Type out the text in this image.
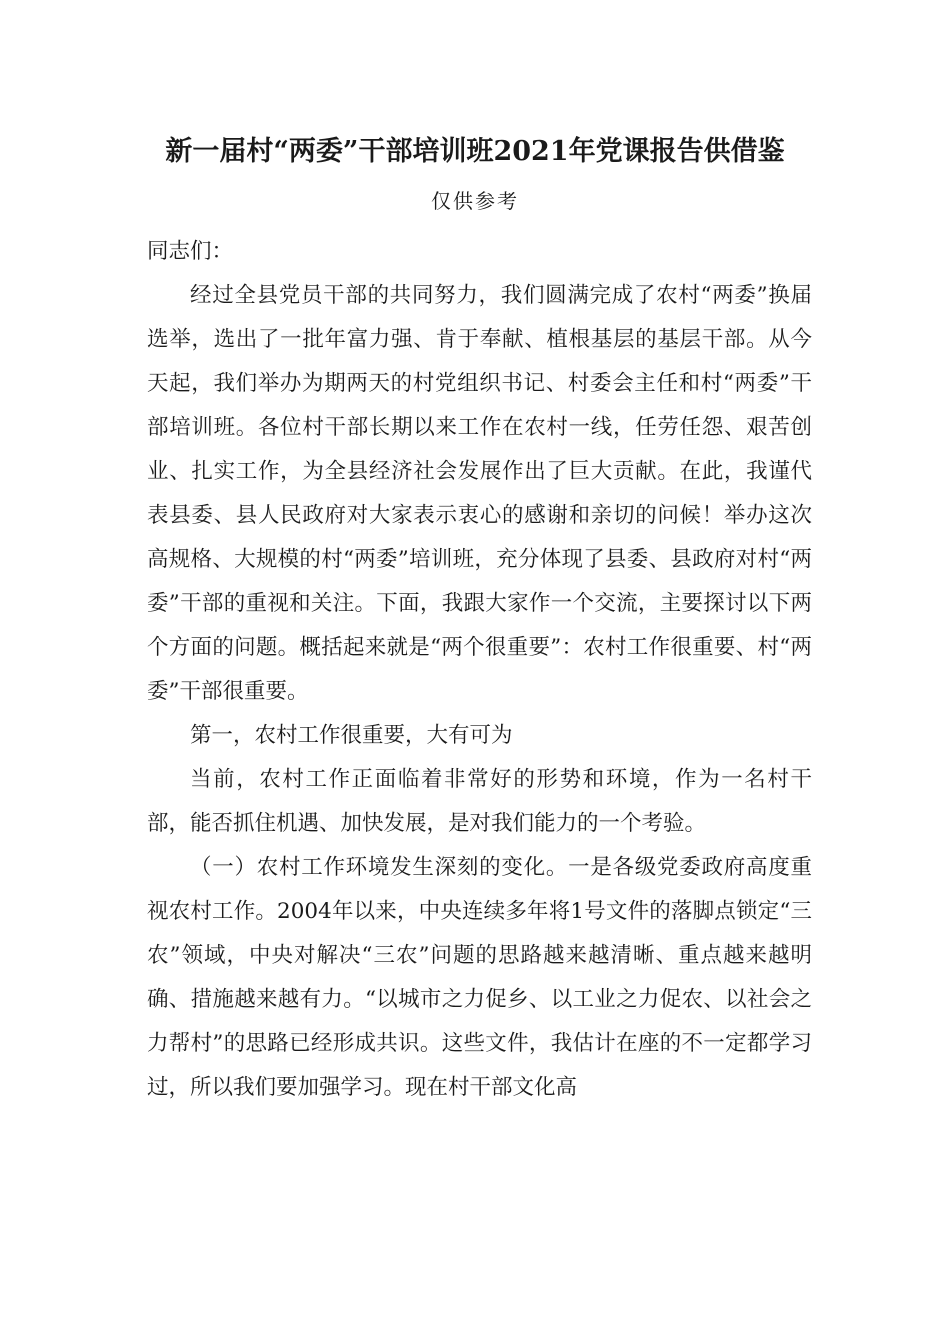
新一届村“两委”干部培训班2021年党课报告供借鉴
仅供参考

同志们：

经过全县党员干部的共同努力，我们圆满完成了农村“两委”换届选举，选出了一批年富力强、肯于奉献、植根基层的基层干部。从今天起，我们举办为期两天的村党组织书记、村委会主任和村“两委”干部培训班。各位村干部长期以来工作在农村一线，任劳任怨、艰苦创业、扎实工作，为全县经济社会发展作出了巨大贡献。在此，我谨代表县委、县人民政府对大家表示衷心的感谢和亲切的问候！举办这次高规格、大规模的村“两委”培训班，充分体现了县委、县政府对村“两委”干部的重视和关注。下面，我跟大家作一个交流，主要探讨以下两个方面的问题。概括起来就是“两个很重要”：农村工作很重要、村“两委”干部很重要。

第一，农村工作很重要，大有可为

当前，农村工作正面临着非常好的形势和环境，作为一名村干部，能否抓住机遇、加快发展，是对我们能力的一个考验。

（一）农村工作环境发生深刻的变化。一是各级党委政府高度重视农村工作。2004年以来，中央连续多年将1号文件的落脚点锁定“三农”领域，中央对解决“三农”问题的思路越来越清晰、重点越来越明确、措施越来越有力。“以城市之力促乡、以工业之力促农、以社会之力帮村”的思路已经形成共识。这些文件，我估计在座的不一定都学习过，所以我们要加强学习。现在村干部文化高
